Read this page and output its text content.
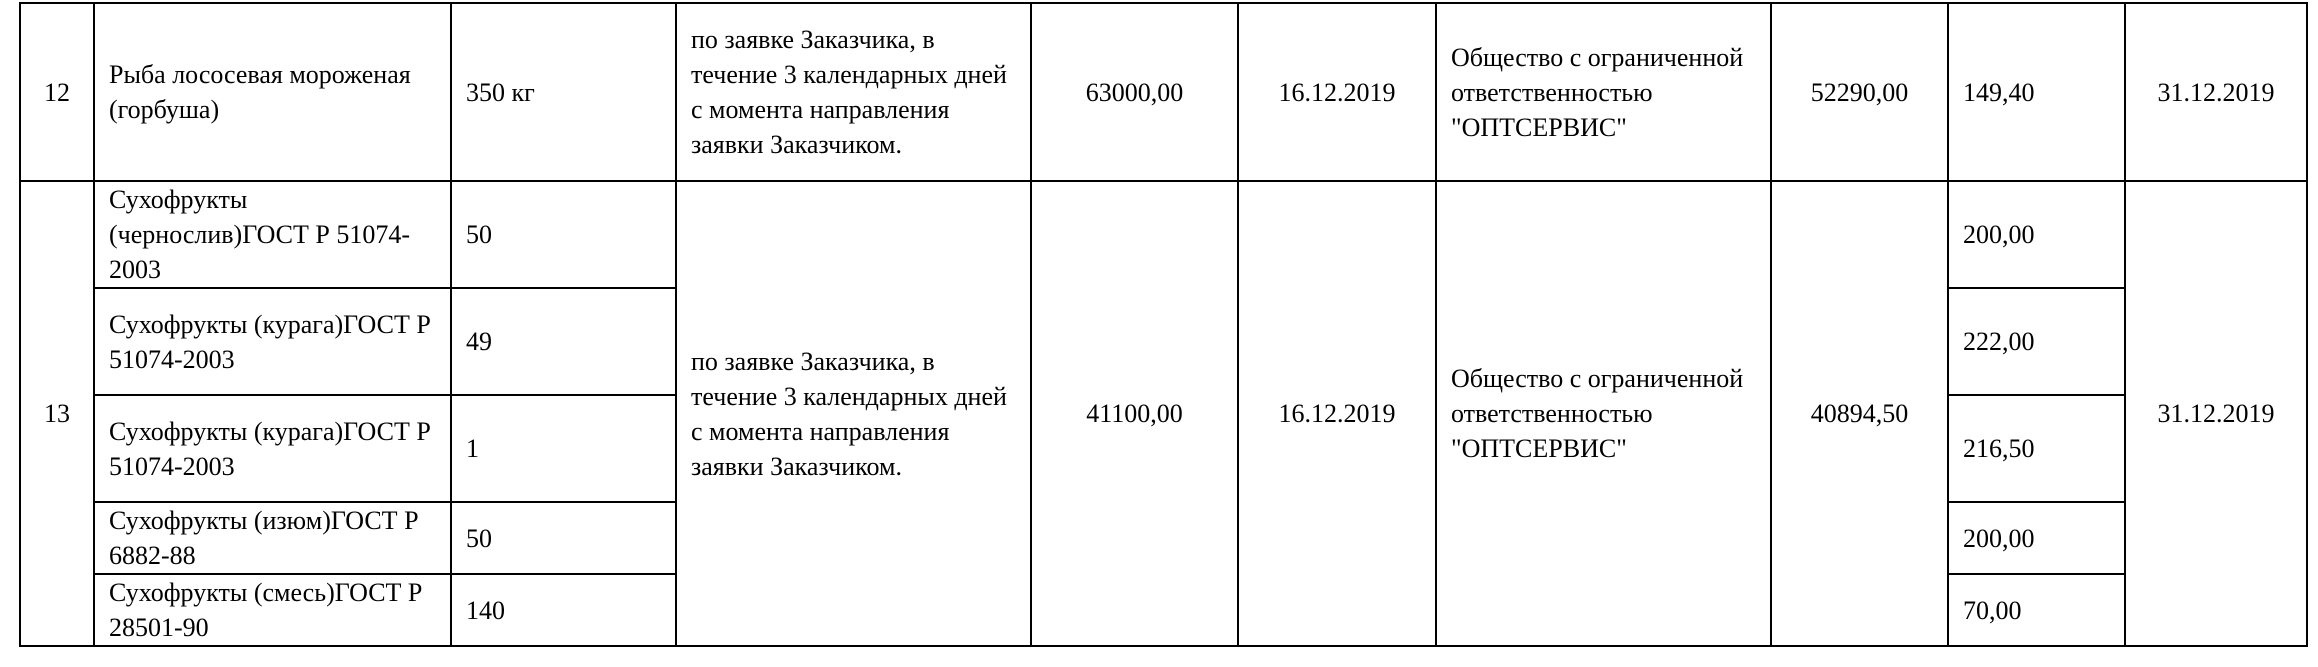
12	Рыба лососевая мороженая (горбуша)	350 кг	по заявке Заказчика, в течение 3 календарных дней с момента направления заявки Заказчиком.	63000,00	16.12.2019	Общество с ограниченной ответственностью "ОПТСЕРВИС"	52290,00	149,40	31.12.2019
13	Сухофрукты (чернослив)ГОСТ Р 51074-2003	50	по заявке Заказчика, в течение 3 календарных дней с момента направления заявки Заказчиком.	41100,00	16.12.2019	Общество с ограниченной ответственностью "ОПТСЕРВИС"	40894,50	200,00	31.12.2019
	Сухофрукты (курага)ГОСТ Р 51074-2003	49						222,00	
	Сухофрукты (курага)ГОСТ Р 51074-2003	1						216,50	
	Сухофрукты (изюм)ГОСТ Р 6882-88	50						200,00	
	Сухофрукты (смесь)ГОСТ Р 28501-90	140						70,00	
